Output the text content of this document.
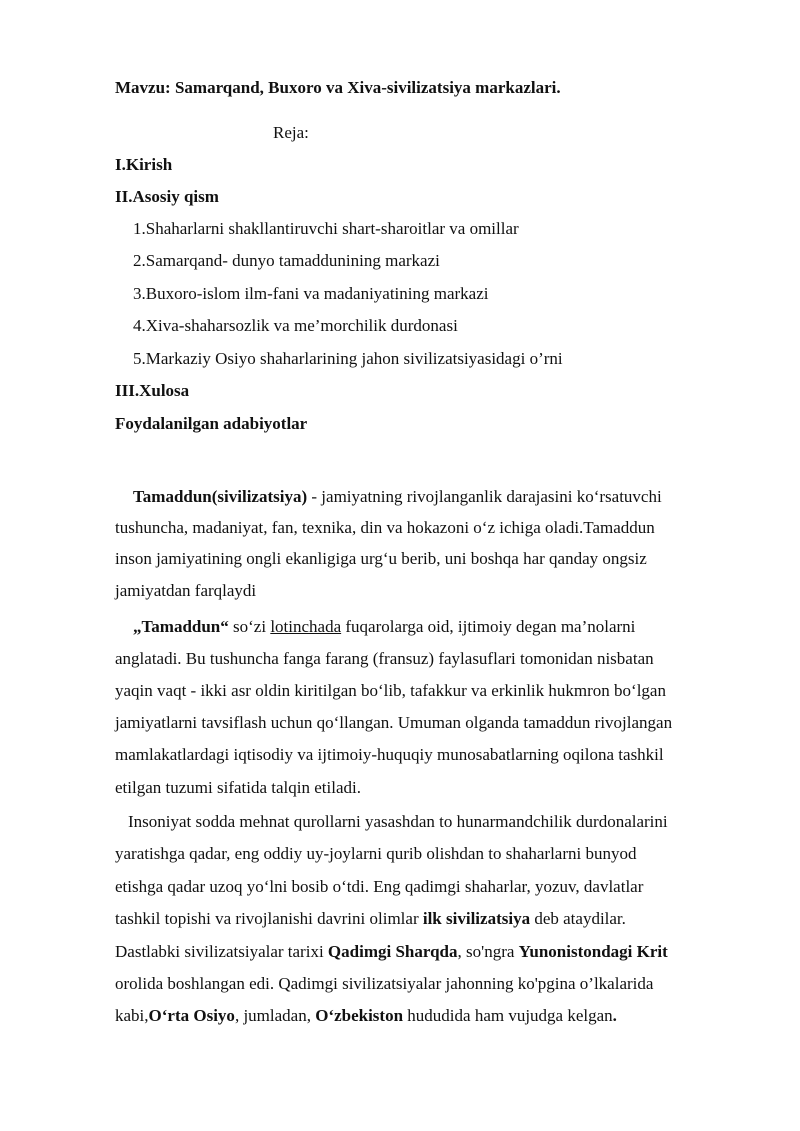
Mavzu: Samarqand, Buxoro va Xiva-sivilizatsiya markazlari.
Reja:
I.Kirish
II.Asosiy qism
1.Shaharlarni shakllantiruvchi shart-sharoitlar va omillar
2.Samarqand- dunyo tamaddunining markazi
3.Buxoro-islom ilm-fani va madaniyatining markazi
4.Xiva-shaharsozlik va me’morchilik durdonasi
5.Markaziy Osiyo shaharlarining jahon sivilizatsiyasidagi o’rni
III.Xulosa
Foydalanilgan adabiyotlar
Tamaddun(sivilizatsiya) - jamiyatning rivojlanganlik darajasini ko‘rsatuvchi
tushuncha, madaniyat, fan, texnika, din va hokazoni o‘z ichiga oladi.Tamaddun
inson jamiyatining ongli ekanligiga urg‘u berib, uni boshqa har qanday ongsiz
jamiyatdan farqlaydi
„Tamaddun“ so‘zi lotinchada fuqarolarga oid, ijtimoiy degan ma’nolarni
anglatadi. Bu tushuncha fanga farang (fransuz) faylasuflari tomonidan nisbatan
yaqin vaqt - ikki asr oldin kiritilgan bo‘lib, tafakkur va erkinlik hukmron bo‘lgan
jamiyatlarni tavsiflash uchun qo‘llangan. Umuman olganda tamaddun rivojlangan
mamlakatlardagi iqtisodiy va ijtimoiy-huquqiy munosabatlarning oqilona tashkil
etilgan tuzumi sifatida talqin etiladi.
Insoniyat sodda mehnat qurollarni yasashdan to hunarmandchilik durdonalarini
yaratishga qadar, eng oddiy uy-joylarni qurib olishdan to shaharlarni bunyod
etishga qadar uzoq yo‘lni bosib o‘tdi. Eng qadimgi shaharlar, yozuv, davlatlar
tashkil topishi va rivojlanishi davrini olimlar ilk sivilizatsiya deb ataydilar.
Dastlabki sivilizatsiyalar tarixi Qadimgi Sharqda, so'ngra Yunonistondagi Krit
orolida boshlangan edi. Qadimgi sivilizatsiyalar jahonning ko'pgina o’lkalarida
kabi,O‘rta Osiyo, jumladan, O‘zbekiston hududida ham vujudga kelgan.
